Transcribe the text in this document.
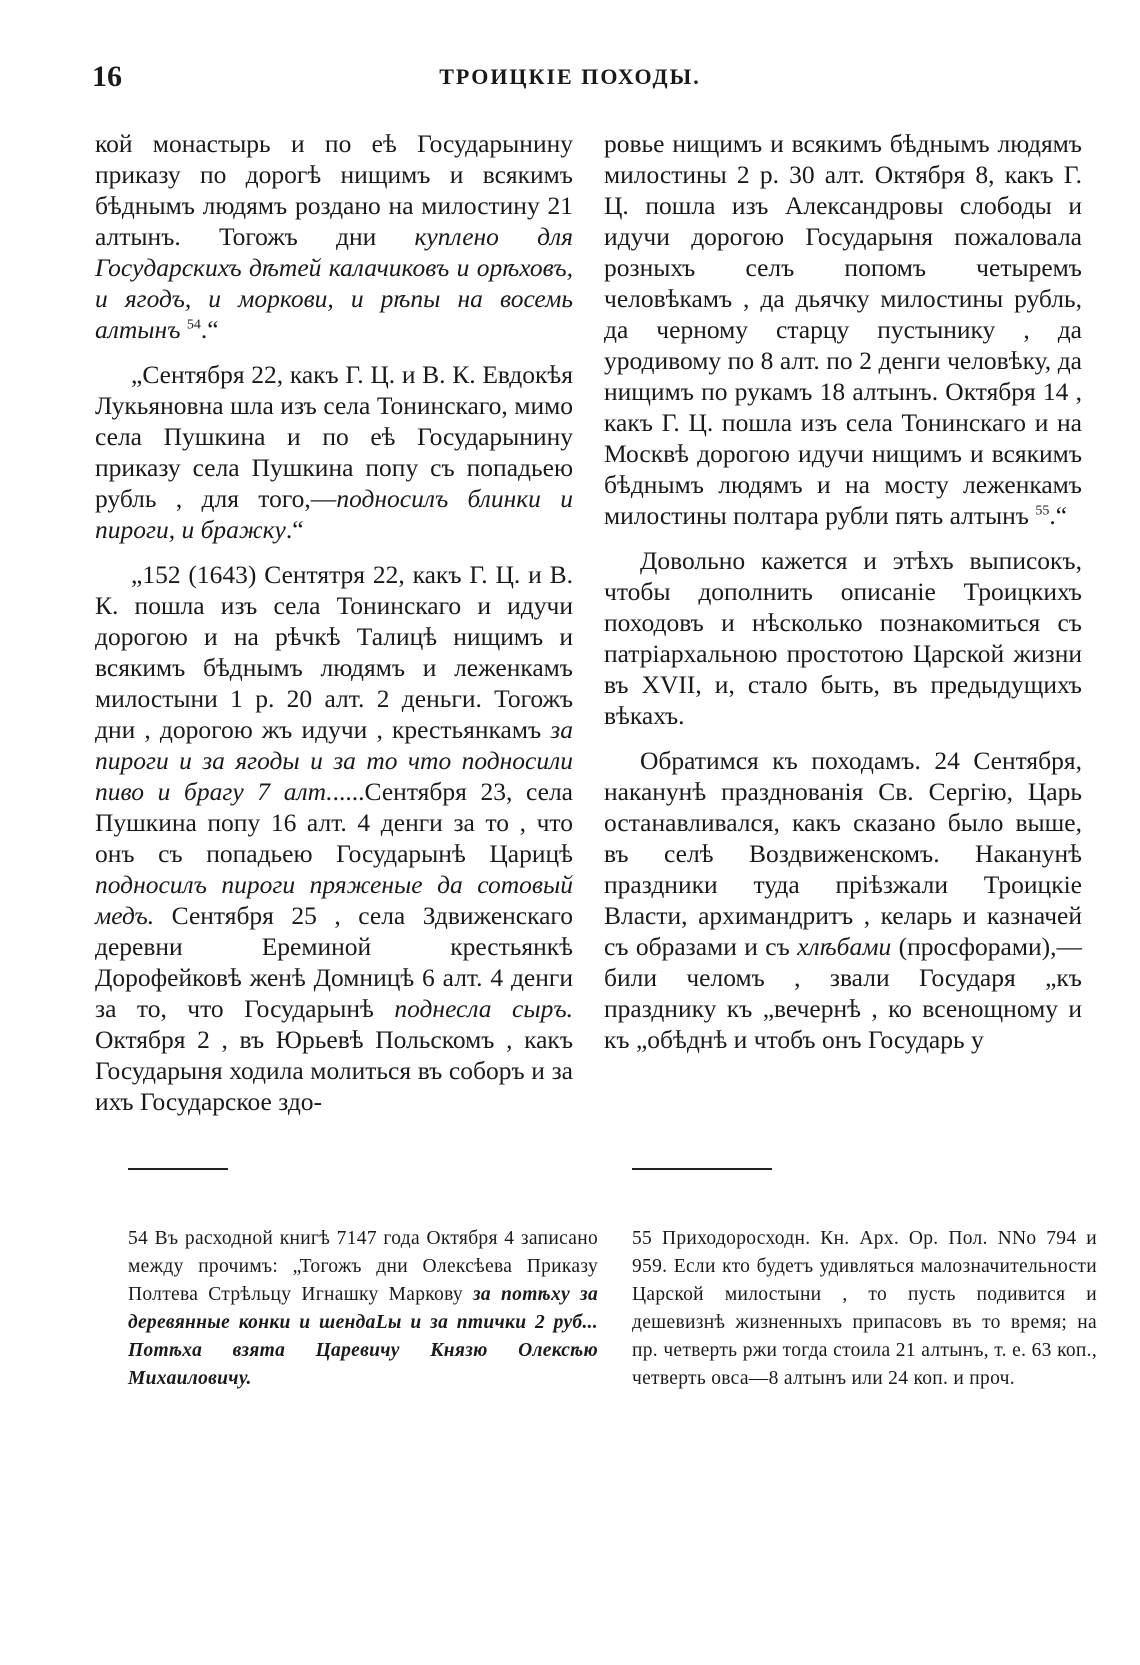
16	ТРОИЦКІЕ ПОХОДЫ.

кой монастырь и по еѣ Государынину приказу по дорогѣ нищимъ и всякимъ бѣднымъ людямъ роздано на милостину 21 алтынъ. Тогожъ дни куплено для Государскихъ дѣтей калачиковъ и орѣховъ, и ягодъ, и моркови, и рѣпы на восемь алтынъ $^{54}$.“

„Сентября 22, какъ Г. Ц. и В. К. Евдокѣя Лукьяновна шла изъ села Тонинскаго, мимо села Пушкина и по еѣ Государынину приказу села Пушкина попу съ попадьею рубль , для того,—подносилъ блинки и пироги, и бражку.“

„152 (1643) Сентятря 22, какъ Г. Ц. и В. К. пошла изъ села Тонинскаго и идучи дорогою и на рѣчкѣ Талицѣ нищимъ и всякимъ бѣднымъ людямъ и леженкамъ милостыни 1 р. 20 алт. 2 деньги. Тогожъ дни , дорогою жъ идучи , крестьянкамъ за пироги и за ягоды и за то что подносили пиво и брагу 7 алт......Сентября 23, села Пушкина попу 16 алт. 4 денги за то , что онъ съ попадьею Государынѣ Царицѣ подносилъ пироги пряженые да сотовый медъ. Сентября 25 , села Здвиженскаго деревни Ереминой крестьянкѣ Дорофейковѣ женѣ Домницѣ 6 алт. 4 денги за то, что Государынѣ поднесла сыръ. Октября 2 , въ Юрьевѣ Польскомъ , какъ Государыня ходила молиться въ соборъ и за ихъ Государское здо-

ровье нищимъ и всякимъ бѣднымъ людямъ милостины 2 р. 30 алт. Октября 8, какъ Г. Ц. пошла изъ Александровы слободы и идучи дорогою Государыня пожаловала розныхъ селъ попомъ четыремъ человѣкамъ , да дьячку милостины рубль, да черному старцу пустынику , да уродивому по 8 алт. по 2 денги человѣку, да нищимъ по рукамъ 18 алтынъ. Октября 14 , какъ Г. Ц. пошла изъ села Тонинскаго и на Москвѣ дорогою идучи нищимъ и всякимъ бѣднымъ людямъ и на мосту леженкамъ милостины полтара рубли пять алтынъ $^{55}$.“

Довольно кажется и этѣхъ выписокъ, чтобы дополнить описаніе Троицкихъ походовъ и нѣсколько познакомиться съ патріархальною простотою Царской жизни въ XVII, и, стало быть, въ предыдущихъ вѣкахъ.

Обратимся къ походамъ. 24 Сентября, наканунѣ празднованія Св. Сергію, Царь останавливался, какъ сказано было выше, въ селѣ Воздвиженскомъ. Наканунѣ праздники туда пріѣзжали Троицкіе Власти, архимандритъ , келарь и казначей съ образами и съ хлѣбами (просфорами),— били челомъ , звали Государя „къ празднику къ „вечернѣ , ко всенощному и къ „обѣднѣ и чтобъ онъ Государь у

54 Въ расходной книгѣ 7147 года Октября 4 записано между прочимъ: „Тогожъ дни Олексѣева Приказу Полтева Стрѣльцу Игнашку Маркову за потѣху за деревянные конки и шендаLы и за птички 2 руб... Потѣха взята Царевичу Князю Олексѣю Михаиловичу.

55 Приходоросходн. Кн. Арх. Ор. Пол. NNo 794 и 959. Если кто будетъ удивляться малозначительности Царской милостыни , то пусть подивится и дешевизнѣ жизненныхъ припасовъ въ то время; на пр. четверть ржи тогда стоила 21 алтынъ, т. е. 63 коп., четверть овса—8 алтынъ или 24 коп. и проч.
